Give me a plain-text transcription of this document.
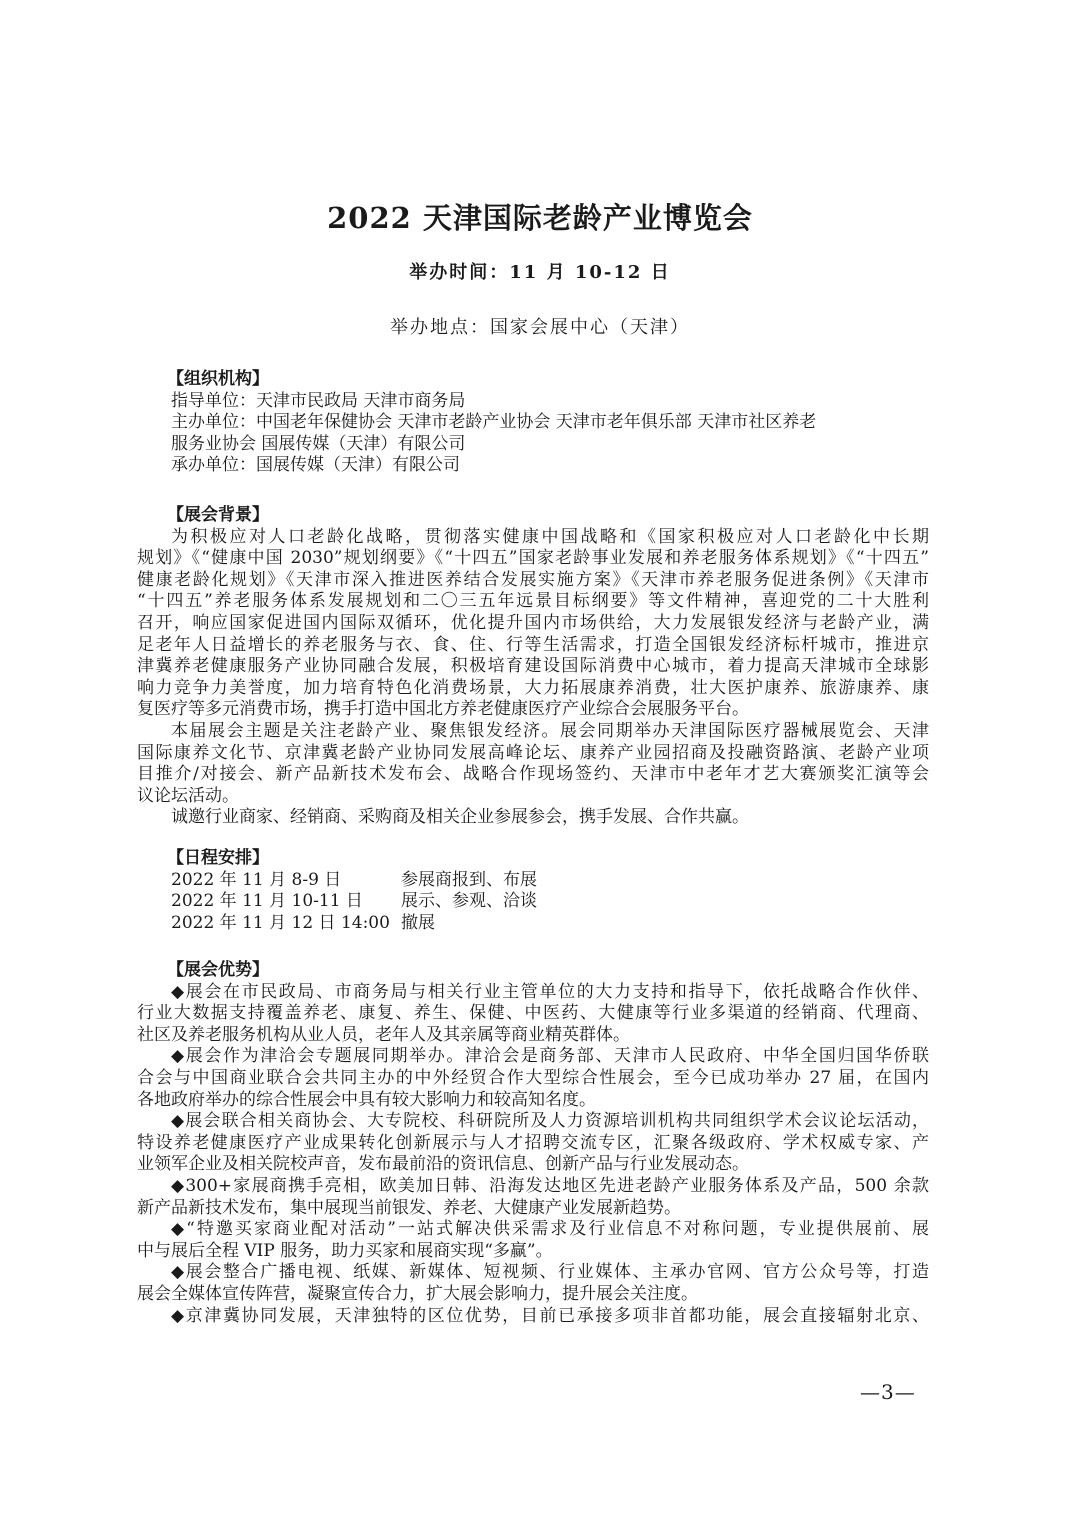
2022 天津国际老龄产业博览会
举办时间：11 月 10-12 日
举办地点：国家会展中心（天津）
【组织机构】
指导单位：天津市民政局 天津市商务局
主办单位：中国老年保健协会 天津市老龄产业协会 天津市老年俱乐部 天津市社区养老
服务业协会 国展传媒（天津）有限公司
承办单位：国展传媒（天津）有限公司
【展会背景】
为积极应对人口老龄化战略，贯彻落实健康中国战略和《国家积极应对人口老龄化中长期
规划》《“健康中国 2030”规划纲要》《“十四五”国家老龄事业发展和养老服务体系规划》《“十四五”
健康老龄化规划》《天津市深入推进医养结合发展实施方案》《天津市养老服务促进条例》《天津市
“十四五”养老服务体系发展规划和二〇三五年远景目标纲要》等文件精神，喜迎党的二十大胜利
召开，响应国家促进国内国际双循环，优化提升国内市场供给，大力发展银发经济与老龄产业，满
足老年人日益增长的养老服务与衣、食、住、行等生活需求，打造全国银发经济标杆城市，推进京
津冀养老健康服务产业协同融合发展，积极培育建设国际消费中心城市，着力提高天津城市全球影
响力竞争力美誉度，加力培育特色化消费场景，大力拓展康养消费，壮大医护康养、旅游康养、康
复医疗等多元消费市场，携手打造中国北方养老健康医疗产业综合会展服务平台。
本届展会主题是关注老龄产业、聚焦银发经济。展会同期举办天津国际医疗器械展览会、天津
国际康养文化节、京津冀老龄产业协同发展高峰论坛、康养产业园招商及投融资路演、老龄产业项
目推介/对接会、新产品新技术发布会、战略合作现场签约、天津市中老年才艺大赛颁奖汇演等会
议论坛活动。
诚邀行业商家、经销商、采购商及相关企业参展参会，携手发展、合作共赢。
【日程安排】
2022 年 11 月 8-9 日	参展商报到、布展
2022 年 11 月 10-11 日	展示、参观、洽谈
2022 年 11 月 12 日 14:00 撤展
【展会优势】
◆展会在市民政局、市商务局与相关行业主管单位的大力支持和指导下，依托战略合作伙伴、
行业大数据支持覆盖养老、康复、养生、保健、中医药、大健康等行业多渠道的经销商、代理商、
社区及养老服务机构从业人员，老年人及其亲属等商业精英群体。
◆展会作为津洽会专题展同期举办。津洽会是商务部、天津市人民政府、中华全国归国华侨联
合会与中国商业联合会共同主办的中外经贸合作大型综合性展会，至今已成功举办 27 届，在国内
各地政府举办的综合性展会中具有较大影响力和较高知名度。
◆展会联合相关商协会、大专院校、科研院所及人力资源培训机构共同组织学术会议论坛活动，
特设养老健康医疗产业成果转化创新展示与人才招聘交流专区，汇聚各级政府、学术权威专家、产
业领军企业及相关院校声音，发布最前沿的资讯信息、创新产品与行业发展动态。
◆300+家展商携手亮相，欧美加日韩、沿海发达地区先进老龄产业服务体系及产品，500 余款
新产品新技术发布，集中展现当前银发、养老、大健康产业发展新趋势。
◆“特邀买家商业配对活动”一站式解决供采需求及行业信息不对称问题，专业提供展前、展
中与展后全程 VIP 服务，助力买家和展商实现“多赢”。
◆展会整合广播电视、纸媒、新媒体、短视频、行业媒体、主承办官网、官方公众号等，打造
展会全媒体宣传阵营，凝聚宣传合力，扩大展会影响力，提升展会关注度。
◆京津冀协同发展，天津独特的区位优势，目前已承接多项非首都功能，展会直接辐射北京、
—3—
